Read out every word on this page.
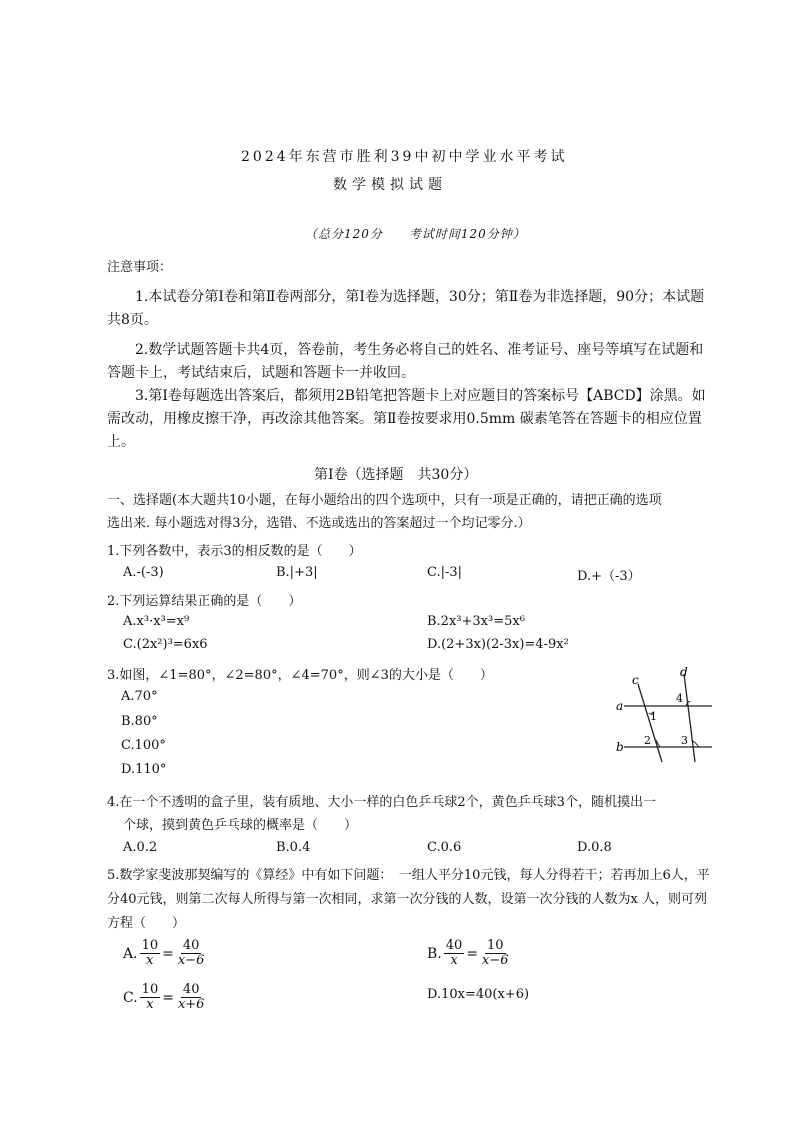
2024年东营市胜利39中初中学业水平考试
数学模拟试题
（总分120分　　考试时间120分钟）
注意事项：
1.本试卷分第Ⅰ卷和第Ⅱ卷两部分，第Ⅰ卷为选择题，30分；第Ⅱ卷为非选择题，90分；本试题共8页。
2.数学试题答题卡共4页，答卷前，考生务必将自己的姓名、准考证号、座号等填写在试题和答题卡上，考试结束后，试题和答题卡一并收回。
3.第Ⅰ卷每题选出答案后，都须用2B铅笔把答题卡上对应题目的答案标号【ABCD】涂黑。如需改动，用橡皮擦干净，再改涂其他答案。第Ⅱ卷按要求用0.5mm 碳素笔答在答题卡的相应位置上。
第Ⅰ卷（选择题　共30分）
一、选择题(本大题共10小题，在每小题给出的四个选项中，只有一项是正确的，请把正确的选项
选出来. 每小题选对得3分，选错、不选或选出的答案超过一个均记零分.）
1.下列各数中，表示3的相反数的是（　　）
A.-(-3)	B.|+3|	C.|-3|	D.+（-3）
2.下列运算结果正确的是（　　）
A.x³·x³=x⁹	B.2x³+3x³=5x⁶
C.(2x²)³=6x6	D.(2+3x)(2-3x)=4-9x²
3.如图，∠1=80°，∠2=80°，∠4=70°，则∠3的大小是（　　）
A.70°
B.80°
C.100°
D.110°
c
d
a
b
1
2	3
4
4.在一个不透明的盒子里，装有质地、大小一样的白色乒乓球2个，黄色乒乓球3个，随机摸出一
个球，摸到黄色乒乓球的概率是（　　）
A.0.2	B.0.4	C.0.6	D.0.8
5.数学家斐波那契编写的《算经》中有如下问题：　一组人平分10元钱，每人分得若干；若再加上6人，平分40元钱，则第二次每人所得与第一次相同，求第一次分钱的人数，设第一次分钱的人数为x 人，则可列方程（　　）
A. $\frac{10}{x} = \frac{40}{x-6}$	B. $\frac{40}{x} = \frac{10}{x-6}$
C. $\frac{10}{x} = \frac{40}{x+6}$	D.10x=40(x+6)
